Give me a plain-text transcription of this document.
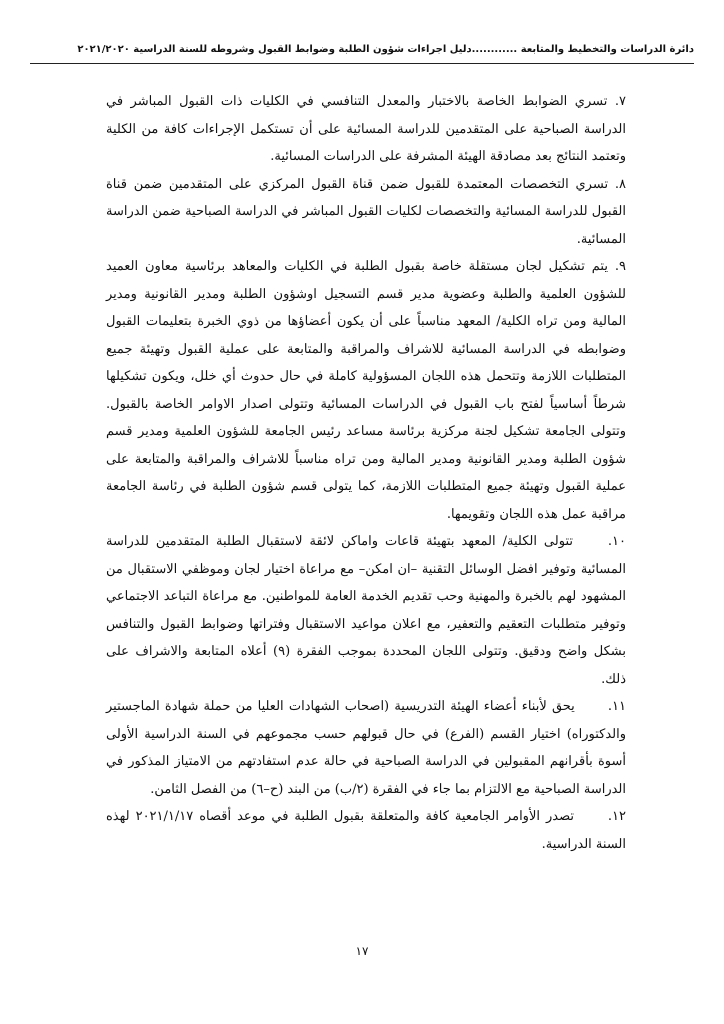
دائرة الدراسات والتخطيط والمتابعة ............دليل اجراءات شؤون الطلبة وضوابط القبول وشروطه للسنة الدراسية ٢٠٢١/٢٠٢٠

٧. تسري الضوابط الخاصة بالاختبار والمعدل التنافسي في الكليات ذات القبول المباشر في الدراسة الصباحية على المتقدمين للدراسة المسائية على أن تستكمل الإجراءات كافة من الكلية وتعتمد النتائج بعد مصادقة الهيئة المشرفة على الدراسات المسائية.

٨. تسري التخصصات المعتمدة للقبول ضمن قناة القبول المركزي على المتقدمين ضمن قناة القبول للدراسة المسائية والتخصصات لكليات القبول المباشر في الدراسة الصباحية ضمن الدراسة المسائية.

٩. يتم تشكيل لجان مستقلة خاصة بقبول الطلبة في الكليات والمعاهد برئاسية معاون العميد للشؤون العلمية والطلبة وعضوية مدير قسم التسجيل اوشؤون الطلبة ومدير القانونية ومدير المالية ومن تراه الكلية/ المعهد مناسباً على أن يكون أعضاؤها من ذوي الخبرة بتعليمات القبول وضوابطه في الدراسة المسائية للاشراف والمراقبة والمتابعة على عملية القبول وتهيئة جميع المتطلبات اللازمة وتتحمل هذه اللجان المسؤولية كاملة في حال حدوث أي خلل، ويكون تشكيلها شرطاً أساسياً لفتح باب القبول في الدراسات المسائية وتتولى اصدار الاوامر الخاصة بالقبول. وتتولى الجامعة تشكيل لجنة مركزية برئاسة مساعد رئيس الجامعة للشؤون العلمية ومدير قسم شؤون الطلبة ومدير القانونية ومدير المالية ومن تراه مناسباً للاشراف والمراقبة والمتابعة على عملية القبول وتهيئة جميع المتطلبات اللازمة، كما يتولى قسم شؤون الطلبة في رئاسة الجامعة مراقبة عمل هذه اللجان وتقويمها.

١٠. تتولى الكلية/ المعهد بتهيئة قاعات واماكن لائقة لاستقبال الطلبة المتقدمين للدراسة المسائية وتوفير افضل الوسائل التقنية –ان امكن– مع مراعاة اختيار لجان وموظفي الاستقبال من المشهود لهم بالخبرة والمهنية وحب تقديم الخدمة العامة للمواطنين. مع مراعاة التباعد الاجتماعي وتوفير متطلبات التعقيم والتعفير، مع اعلان مواعيد الاستقبال وفتراتها وضوابط القبول والتنافس بشكل واضح ودقيق. وتتولى اللجان المحددة بموجب الفقرة (٩) أعلاه المتابعة والاشراف على ذلك.

١١. يحق لأبناء أعضاء الهيئة التدريسية (اصحاب الشهادات العليا من حملة شهادة الماجستير والدكتوراه) اختيار القسم (الفرع) في حال قبولهم حسب مجموعهم في السنة الدراسية الأولى أسوة بأقرانهم المقبولين في الدراسة الصباحية في حالة عدم استفادتهم من الامتياز المذكور في الدراسة الصباحية مع الالتزام بما جاء في الفقرة (٢/ب) من البند (ح–٦) من الفصل الثامن.

١٢. تصدر الأوامر الجامعية كافة والمتعلقة بقبول الطلبة في موعد أقصاه ٢٠٢١/١/١٧ لهذه السنة الدراسية.

١٧
